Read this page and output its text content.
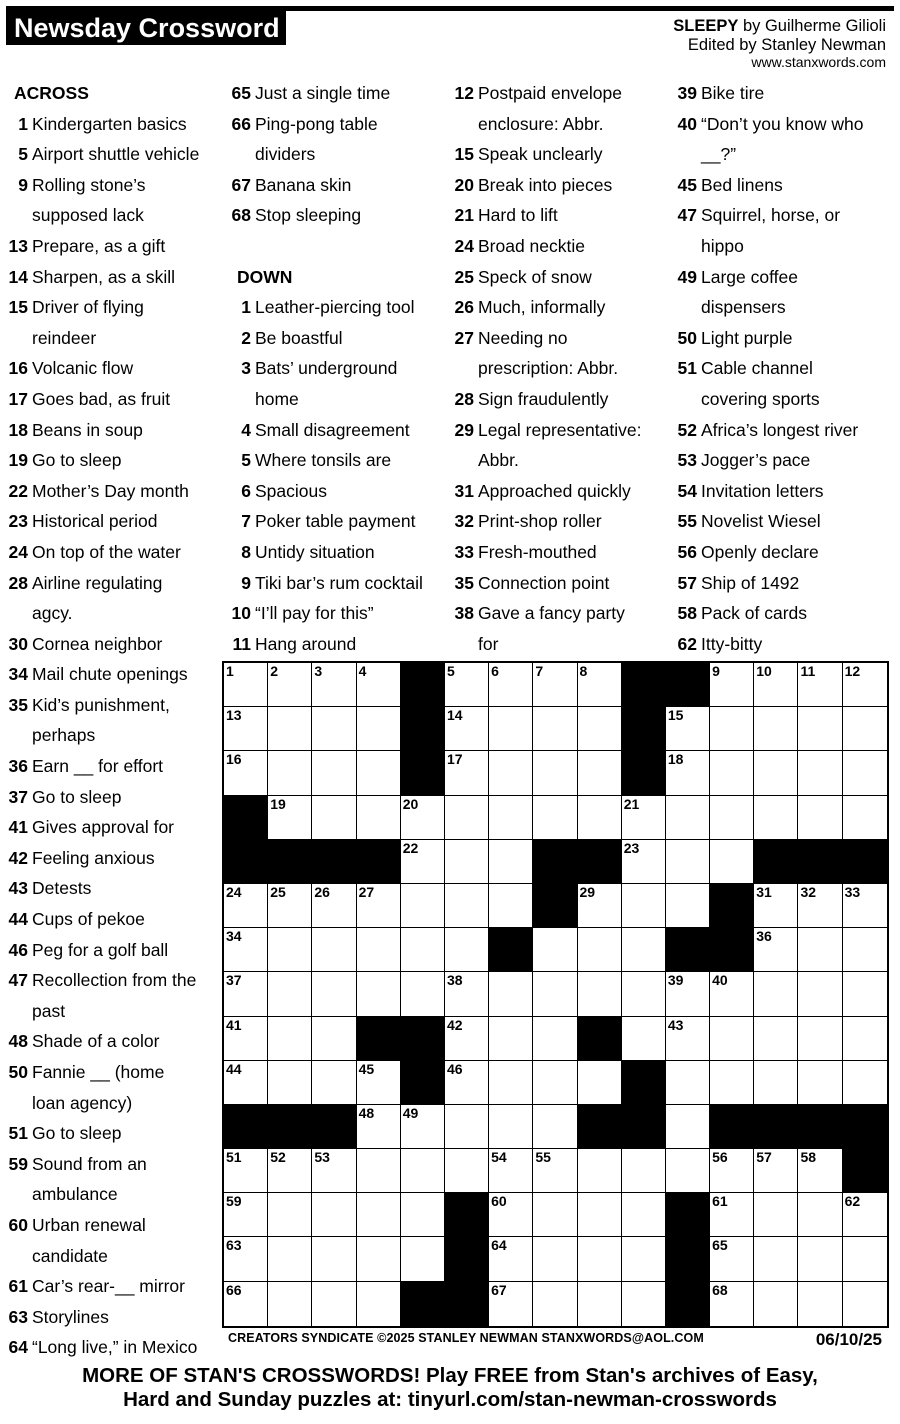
Newsday Crossword	SLEEPY by Guilherme Gilioli
Edited by Stanley Newman
www.stanxwords.com
ACROSS
1 Kindergarten basics
5 Airport shuttle vehicle
9 Rolling stone’s
supposed lack
13 Prepare, as a gift
14 Sharpen, as a skill
15 Driver of flying
reindeer
16 Volcanic flow
17 Goes bad, as fruit
18 Beans in soup
19 Go to sleep
22 Mother’s Day month
23 Historical period
24 On top of the water
28 Airline regulating
agcy.
30 Cornea neighbor
34 Mail chute openings
35 Kid’s punishment,
perhaps
36 Earn __ for effort
37 Go to sleep
41 Gives approval for
42 Feeling anxious
43 Detests
44 Cups of pekoe
46 Peg for a golf ball
47 Recollection from the
past
48 Shade of a color
50 Fannie __ (home
loan agency)
51 Go to sleep
59 Sound from an
ambulance
60 Urban renewal
candidate
61 Car’s rear-__ mirror
63 Storylines
64 “Long live,” in Mexico
65 Just a single time
66 Ping-pong table
dividers
67 Banana skin
68 Stop sleeping
DOWN
1 Leather-piercing tool
2 Be boastful
3 Bats’ underground
home
4 Small disagreement
5 Where tonsils are
6 Spacious
7 Poker table payment
8 Untidy situation
9 Tiki bar’s rum cocktail
10 “I’ll pay for this”
11 Hang around
12 Postpaid envelope
enclosure: Abbr.
15 Speak unclearly
20 Break into pieces
21 Hard to lift
24 Broad necktie
25 Speck of snow
26 Much, informally
27 Needing no
prescription: Abbr.
28 Sign fraudulently
29 Legal representative:
Abbr.
31 Approached quickly
32 Print-shop roller
33 Fresh-mouthed
35 Connection point
38 Gave a fancy party
for
39 Bike tire
40 “Don’t you know who
__?”
45 Bed linens
47 Squirrel, horse, or
hippo
49 Large coffee
dispensers
50 Light purple
51 Cable channel
covering sports
52 Africa’s longest river
53 Jogger’s pace
54 Invitation letters
55 Novelist Wiesel
56 Openly declare
57 Ship of 1492
58 Pack of cards
62 Itty-bitty
1	2	3	4	5	6	7	8	9	10 11 12
13	14	15
16	17	18
19	20	21
22	23
24 25 26 27	29	31 32 33
34	36
37	38	39 40
41	42	43
44	45	46
48 49
51 52 53	54 55	56 57 58
59	60	61	62
63	64	65
66	67	68
CREATORS SYNDICATE ©2025 STANLEY NEWMAN STANXWORDS@AOL.COM	06/10/25
MORE OF STAN'S CROSSWORDS! Play FREE from Stan's archives of Easy,
Hard and Sunday puzzles at: tinyurl.com/stan-newman-crosswords
